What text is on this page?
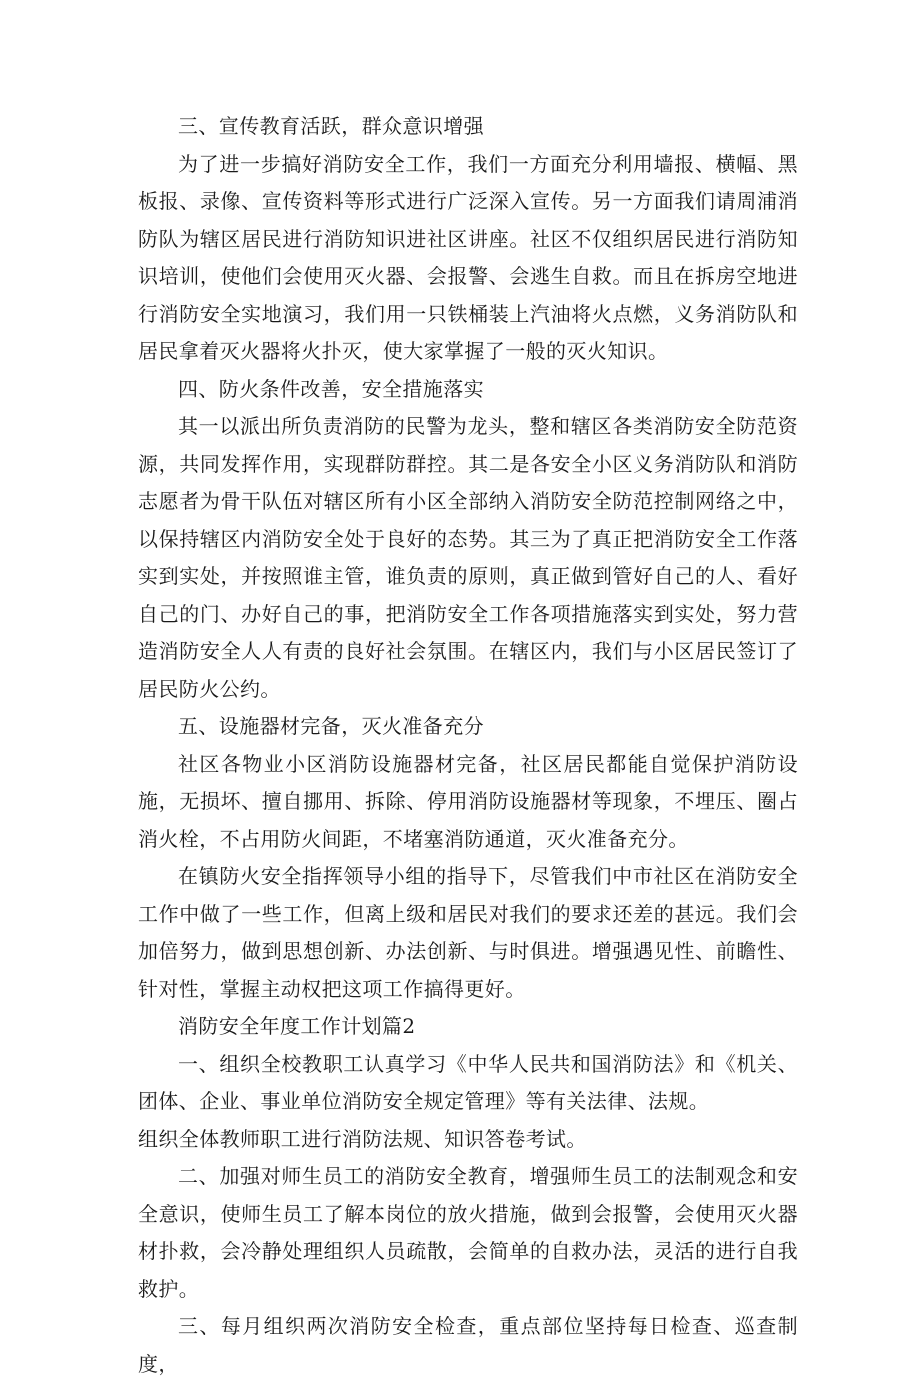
三、宣传教育活跃，群众意识增强

为了进一步搞好消防安全工作，我们一方面充分利用墙报、横幅、黑板报、录像、宣传资料等形式进行广泛深入宣传。另一方面我们请周浦消防队为辖区居民进行消防知识进社区讲座。社区不仅组织居民进行消防知识培训，使他们会使用灭火器、会报警、会逃生自救。而且在拆房空地进行消防安全实地演习，我们用一只铁桶装上汽油将火点燃，义务消防队和居民拿着灭火器将火扑灭，使大家掌握了一般的灭火知识。

四、防火条件改善，安全措施落实

其一以派出所负责消防的民警为龙头，整和辖区各类消防安全防范资源，共同发挥作用，实现群防群控。其二是各安全小区义务消防队和消防志愿者为骨干队伍对辖区所有小区全部纳入消防安全防范控制网络之中，以保持辖区内消防安全处于良好的态势。其三为了真正把消防安全工作落实到实处，并按照谁主管，谁负责的原则，真正做到管好自己的人、看好自己的门、办好自己的事，把消防安全工作各项措施落实到实处，努力营造消防安全人人有责的良好社会氛围。在辖区内，我们与小区居民签订了居民防火公约。

五、设施器材完备，灭火准备充分

社区各物业小区消防设施器材完备，社区居民都能自觉保护消防设施，无损坏、擅自挪用、拆除、停用消防设施器材等现象，不埋压、圈占消火栓，不占用防火间距，不堵塞消防通道，灭火准备充分。

在镇防火安全指挥领导小组的指导下，尽管我们中市社区在消防安全工作中做了一些工作，但离上级和居民对我们的要求还差的甚远。我们会加倍努力，做到思想创新、办法创新、与时俱进。增强遇见性、前瞻性、针对性，掌握主动权把这项工作搞得更好。

消防安全年度工作计划篇2

一、组织全校教职工认真学习《中华人民共和国消防法》和《机关、团体、企业、事业单位消防安全规定管理》等有关法律、法规。

组织全体教师职工进行消防法规、知识答卷考试。

二、加强对师生员工的消防安全教育，增强师生员工的法制观念和安全意识，使师生员工了解本岗位的放火措施，做到会报警，会使用灭火器材扑救，会冷静处理组织人员疏散，会简单的自救办法，灵活的进行自我救护。

三、每月组织两次消防安全检查，重点部位坚持每日检查、巡查制度，
